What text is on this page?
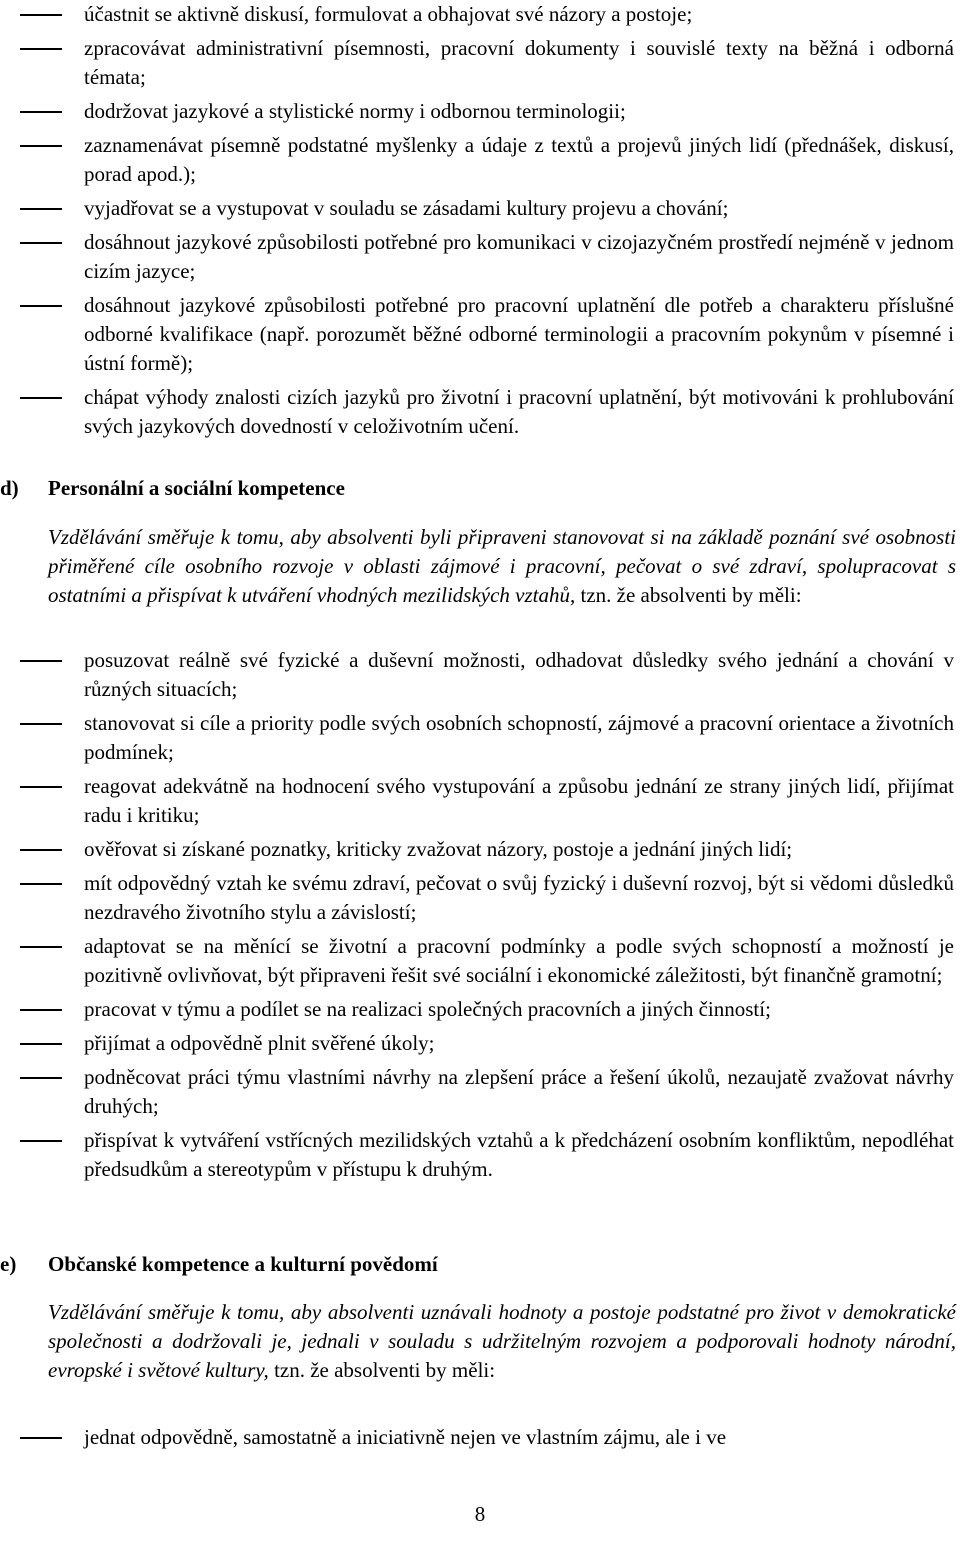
účastnit se aktivně diskusí, formulovat a obhajovat své názory a postoje;
zpracovávat administrativní písemnosti, pracovní dokumenty i souvislé texty na běžná i odborná témata;
dodržovat jazykové a stylistické normy i odbornou terminologii;
zaznamenávat písemně podstatné myšlenky a údaje z textů a projevů jiných lidí (přednášek, diskusí, porad apod.);
vyjadřovat se a vystupovat v souladu se zásadami kultury projevu a chování;
dosáhnout jazykové způsobilosti potřebné pro komunikaci v cizojazyčném prostředí nejméně v jednom cizím jazyce;
dosáhnout jazykové způsobilosti potřebné pro pracovní uplatnění dle potřeb a charakteru příslušné odborné kvalifikace (např. porozumět běžné odborné terminologii a pracovním pokynům v písemné i ústní formě);
chápat výhody znalosti cizích jazyků pro životní i pracovní uplatnění, být motivováni k prohlubování svých jazykových dovedností v celoživotním učení.
d) Personální a sociální kompetence
Vzdělávání směřuje k tomu, aby absolventi byli připraveni stanovovat si na základě poznání své osobnosti přiměřené cíle osobního rozvoje v oblasti zájmové i pracovní, pečovat o své zdraví, spolupracovat s ostatními a přispívat k utváření vhodných mezilidských vztahů, tzn. že absolventi by měli:
posuzovat reálně své fyzické a duševní možnosti, odhadovat důsledky svého jednání a chování v různých situacích;
stanovovat si cíle a priority podle svých osobních schopností, zájmové a pracovní orientace a životních podmínek;
reagovat adekvátně na hodnocení svého vystupování a způsobu jednání ze strany jiných lidí, přijímat radu i kritiku;
ověřovat si získané poznatky, kriticky zvažovat názory, postoje a jednání jiných lidí;
mít odpovědný vztah ke svému zdraví, pečovat o svůj fyzický i duševní rozvoj, být si vědomi důsledků nezdravého životního stylu a závislostí;
adaptovat se na měnící se životní a pracovní podmínky a podle svých schopností a možností je pozitivně ovlivňovat, být připraveni řešit své sociální i ekonomické záležitosti, být finančně gramotní;
pracovat v týmu a podílet se na realizaci společných pracovních a jiných činností;
přijímat a odpovědně plnit svěřené úkoly;
podněcovat práci týmu vlastními návrhy na zlepšení práce a řešení úkolů, nezaujatě zvažovat návrhy druhých;
přispívat k vytváření vstřícných mezilidských vztahů a k předcházení osobním konfliktům, nepodléhat předsudkům a stereotypům v přístupu k druhým.
e) Občanské kompetence a kulturní povědomí
Vzdělávání směřuje k tomu, aby absolventi uznávali hodnoty a postoje podstatné pro život v demokratické společnosti a dodržovali je, jednali v souladu s udržitelným rozvojem a podporovali hodnoty národní, evropské i světové kultury, tzn. že absolventi by měli:
jednat odpovědně, samostatně a iniciativně nejen ve vlastním zájmu, ale i ve
8
